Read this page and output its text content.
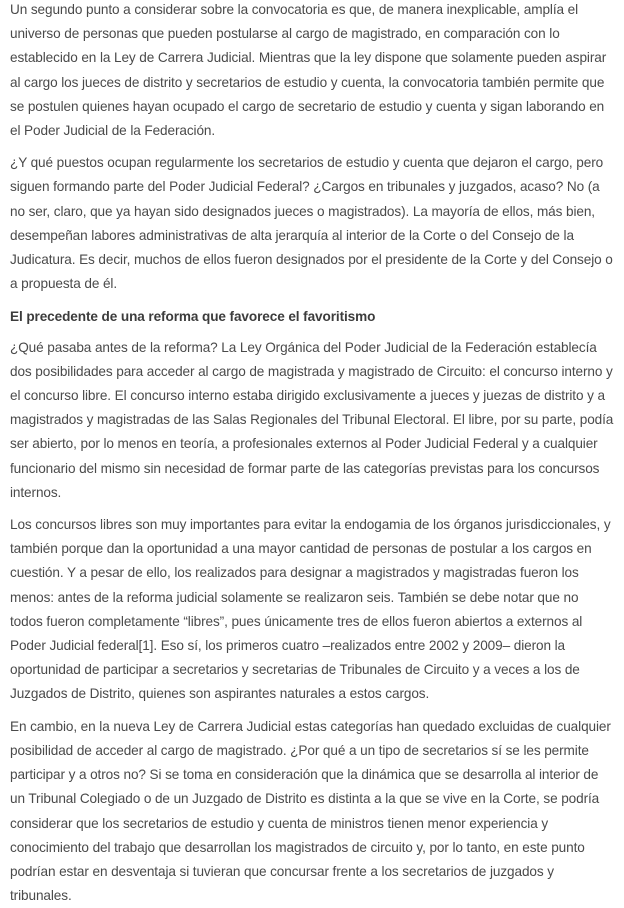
Un segundo punto a considerar sobre la convocatoria es que, de manera inexplicable, amplía el universo de personas que pueden postularse al cargo de magistrado, en comparación con lo establecido en la Ley de Carrera Judicial. Mientras que la ley dispone que solamente pueden aspirar al cargo los jueces de distrito y secretarios de estudio y cuenta, la convocatoria también permite que se postulen quienes hayan ocupado el cargo de secretario de estudio y cuenta y sigan laborando en el Poder Judicial de la Federación.

¿Y qué puestos ocupan regularmente los secretarios de estudio y cuenta que dejaron el cargo, pero siguen formando parte del Poder Judicial Federal? ¿Cargos en tribunales y juzgados, acaso? No (a no ser, claro, que ya hayan sido designados jueces o magistrados). La mayoría de ellos, más bien, desempeñan labores administrativas de alta jerarquía al interior de la Corte o del Consejo de la Judicatura. Es decir, muchos de ellos fueron designados por el presidente de la Corte y del Consejo o a propuesta de él.

El precedente de una reforma que favorece el favoritismo

¿Qué pasaba antes de la reforma? La Ley Orgánica del Poder Judicial de la Federación establecía dos posibilidades para acceder al cargo de magistrada y magistrado de Circuito: el concurso interno y el concurso libre. El concurso interno estaba dirigido exclusivamente a jueces y juezas de distrito y a magistrados y magistradas de las Salas Regionales del Tribunal Electoral. El libre, por su parte, podía ser abierto, por lo menos en teoría, a profesionales externos al Poder Judicial Federal y a cualquier funcionario del mismo sin necesidad de formar parte de las categorías previstas para los concursos internos.

Los concursos libres son muy importantes para evitar la endogamia de los órganos jurisdiccionales, y también porque dan la oportunidad a una mayor cantidad de personas de postular a los cargos en cuestión. Y a pesar de ello, los realizados para designar a magistrados y magistradas fueron los menos: antes de la reforma judicial solamente se realizaron seis. También se debe notar que no todos fueron completamente “libres”, pues únicamente tres de ellos fueron abiertos a externos al Poder Judicial federal[1]. Eso sí, los primeros cuatro –realizados entre 2002 y 2009– dieron la oportunidad de participar a secretarios y secretarias de Tribunales de Circuito y a veces a los de Juzgados de Distrito, quienes son aspirantes naturales a estos cargos.

En cambio, en la nueva Ley de Carrera Judicial estas categorías han quedado excluidas de cualquier posibilidad de acceder al cargo de magistrado. ¿Por qué a un tipo de secretarios sí se les permite participar y a otros no? Si se toma en consideración que la dinámica que se desarrolla al interior de un Tribunal Colegiado o de un Juzgado de Distrito es distinta a la que se vive en la Corte, se podría considerar que los secretarios de estudio y cuenta de ministros tienen menor experiencia y conocimiento del trabajo que desarrollan los magistrados de circuito y, por lo tanto, en este punto podrían estar en desventaja si tuvieran que concursar frente a los secretarios de juzgados y tribunales.
